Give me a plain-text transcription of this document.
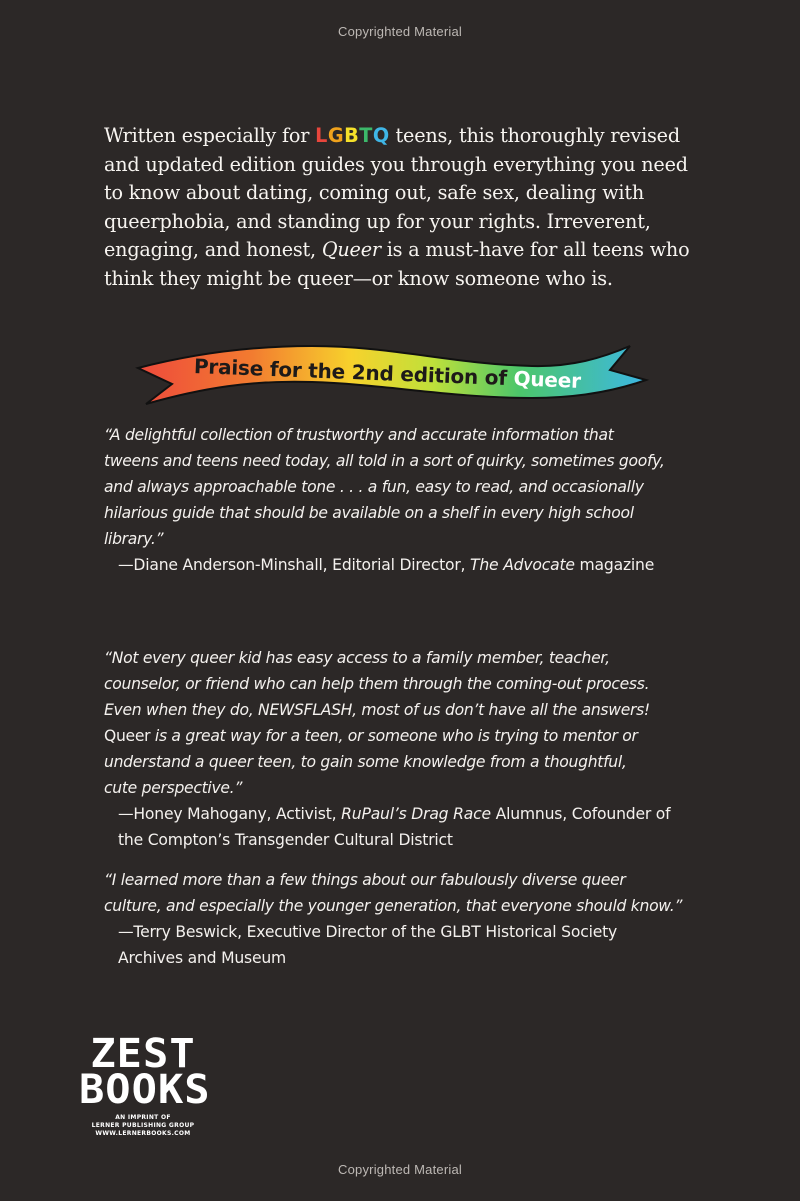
Copyrighted Material
Written especially for LGBTQ teens, this thoroughly revised
and updated edition guides you through everything you need
to know about dating, coming out, safe sex, dealing with
queerphobia, and standing up for your rights. Irreverent,
engaging, and honest, Queer is a must-have for all teens who
think they might be queer—or know someone who is.
Praise for the 2nd edition of Queer
“A delightful collection of trustworthy and accurate information that
tweens and teens need today, all told in a sort of quirky, sometimes goofy,
and always approachable tone . . . a fun, easy to read, and occasionally
hilarious guide that should be available on a shelf in every high school
library.”
—Diane Anderson-Minshall, Editorial Director, The Advocate magazine
“Not every queer kid has easy access to a family member, teacher,
counselor, or friend who can help them through the coming-out process.
Even when they do, NEWSFLASH, most of us don’t have all the answers!
Queer is a great way for a teen, or someone who is trying to mentor or
understand a queer teen, to gain some knowledge from a thoughtful,
cute perspective.”
—Honey Mahogany, Activist, RuPaul’s Drag Race Alumnus, Cofounder of
the Compton’s Transgender Cultural District
“I learned more than a few things about our fabulously diverse queer
culture, and especially the younger generation, that everyone should know.”
—Terry Beswick, Executive Director of the GLBT Historical Society
Archives and Museum
ZEST
BOOKS
AN IMPRINT OF
LERNER PUBLISHING GROUP
WWW.LERNERBOOKS.COM
Copyrighted Material
